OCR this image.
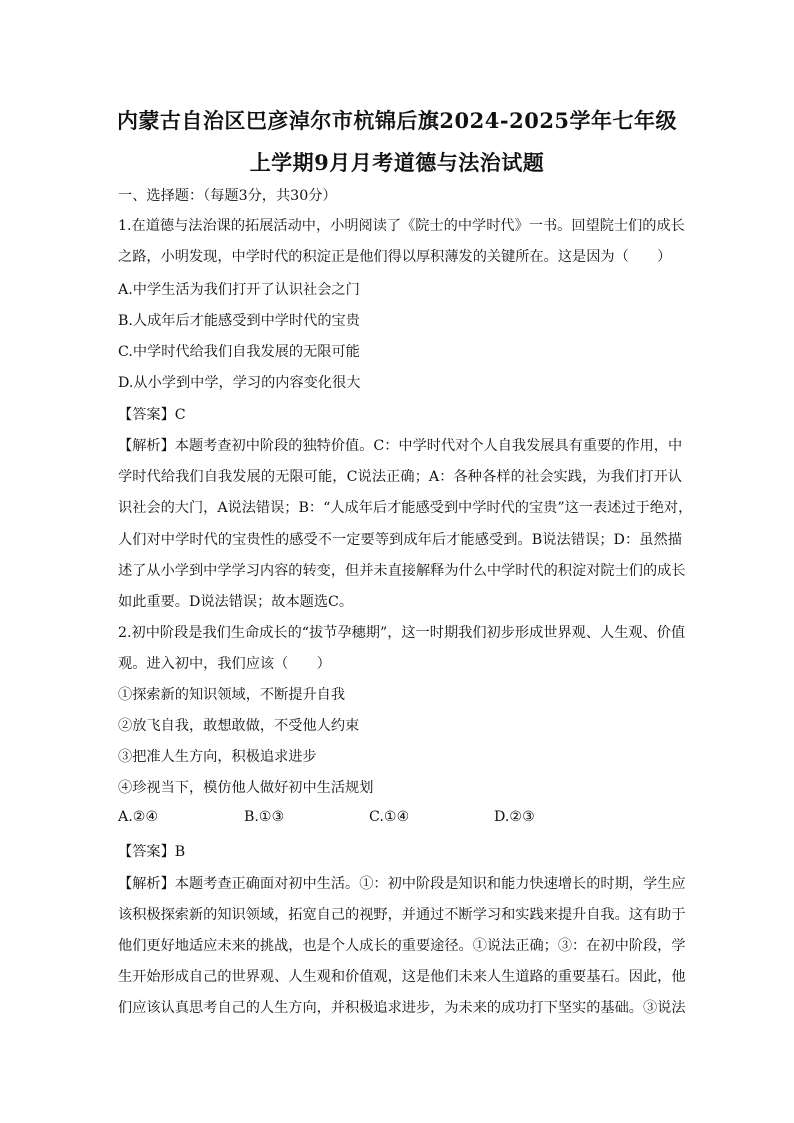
内蒙古自治区巴彦淖尔市杭锦后旗2024-2025学年七年级
上学期9月月考道德与法治试题
一、选择题：（每题3分，共30分）
1.在道德与法治课的拓展活动中，小明阅读了《院士的中学时代》一书。回望院士们的成长
之路，小明发现，中学时代的积淀正是他们得以厚积薄发的关键所在。这是因为（　　）
A.中学生活为我们打开了认识社会之门
B.人成年后才能感受到中学时代的宝贵
C.中学时代给我们自我发展的无限可能
D.从小学到中学，学习的内容变化很大
【答案】C
【解析】本题考查初中阶段的独特价值。C：中学时代对个人自我发展具有重要的作用，中
学时代给我们自我发展的无限可能，C说法正确；A：各种各样的社会实践，为我们打开认
识社会的大门，A说法错误；B：“人成年后才能感受到中学时代的宝贵”这一表述过于绝对，
人们对中学时代的宝贵性的感受不一定要等到成年后才能感受到。B说法错误；D：虽然描
述了从小学到中学学习内容的转变，但并未直接解释为什么中学时代的积淀对院士们的成长
如此重要。D说法错误；故本题选C。
2.初中阶段是我们生命成长的“拔节孕穗期”，这一时期我们初步形成世界观、人生观、价值
观。进入初中，我们应该（　　）
①探索新的知识领域，不断提升自我
②放飞自我，敢想敢做，不受他人约束
③把准人生方向，积极追求进步
④珍视当下，模仿他人做好初中生活规划
A.②④	B.①③	C.①④	D.②③
【答案】B
【解析】本题考查正确面对初中生活。①：初中阶段是知识和能力快速增长的时期，学生应
该积极探索新的知识领域，拓宽自己的视野，并通过不断学习和实践来提升自我。这有助于
他们更好地适应未来的挑战，也是个人成长的重要途径。①说法正确；③：在初中阶段，学
生开始形成自己的世界观、人生观和价值观，这是他们未来人生道路的重要基石。因此，他
们应该认真思考自己的人生方向，并积极追求进步，为未来的成功打下坚实的基础。③说法
